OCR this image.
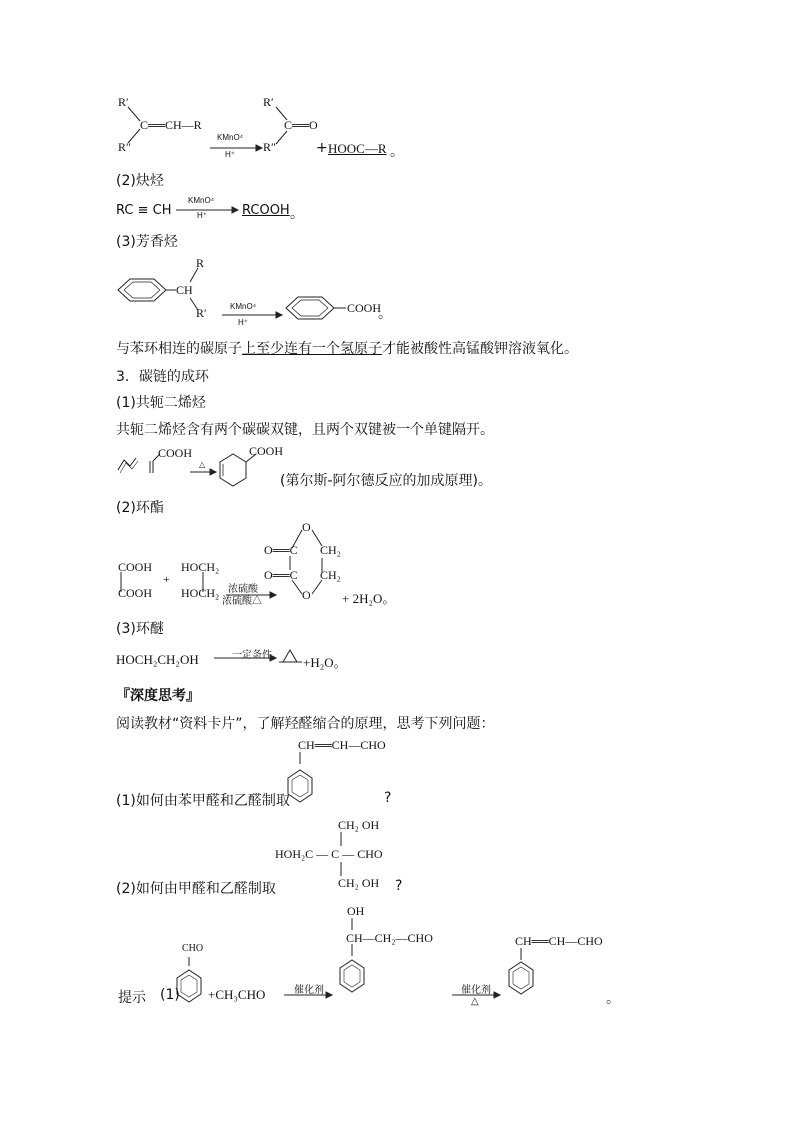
R′
C══CH—R
R″
KMnO⁴
H⁺
R′
C══O
R″	+ HOOC—R 。
(2)炔烃
RC ≡ CH
KMnO⁴
H⁺	RCOOH 。
(3)芳香烃
R
CH
R′	KMnO⁴
H⁺
COOH
。
与苯环相连的碳原子上至少连有一个氢原子才能被酸性高锰酸钾溶液氧化。
3．碳链的成环
(1)共轭二烯烃
共轭二烯烃含有两个碳碳双键，且两个双键被一个单键隔开。
COOH
△
COOH
(第尔斯-阿尔德反应的加成原理)。
(2)环酯
COOH
COOH
+
HOCH₂
HOCH₂ 浓硫酸
浓硫酸△
O
O══C
O══C
CH₂
CH₂
O + 2H₂O。
(3)环醚
HOCH₂CH₂OH	一定条件 +H₂O。
『深度思考』
阅读教材“资料卡片”，了解羟醛缩合的原理，思考下列问题：
CH══CH—CHO
(1)如何由苯甲醛和乙醛制取	?
CH₂ OH
HOH₂C — C — CHO
CH₂ OH
(2)如何由甲醛和乙醛制取	?
CHO
提示 (1) +CH₃CHO	催化剂
OH
CH—CH₂—CHO
催化剂
△
CH══CH—CHO
。
